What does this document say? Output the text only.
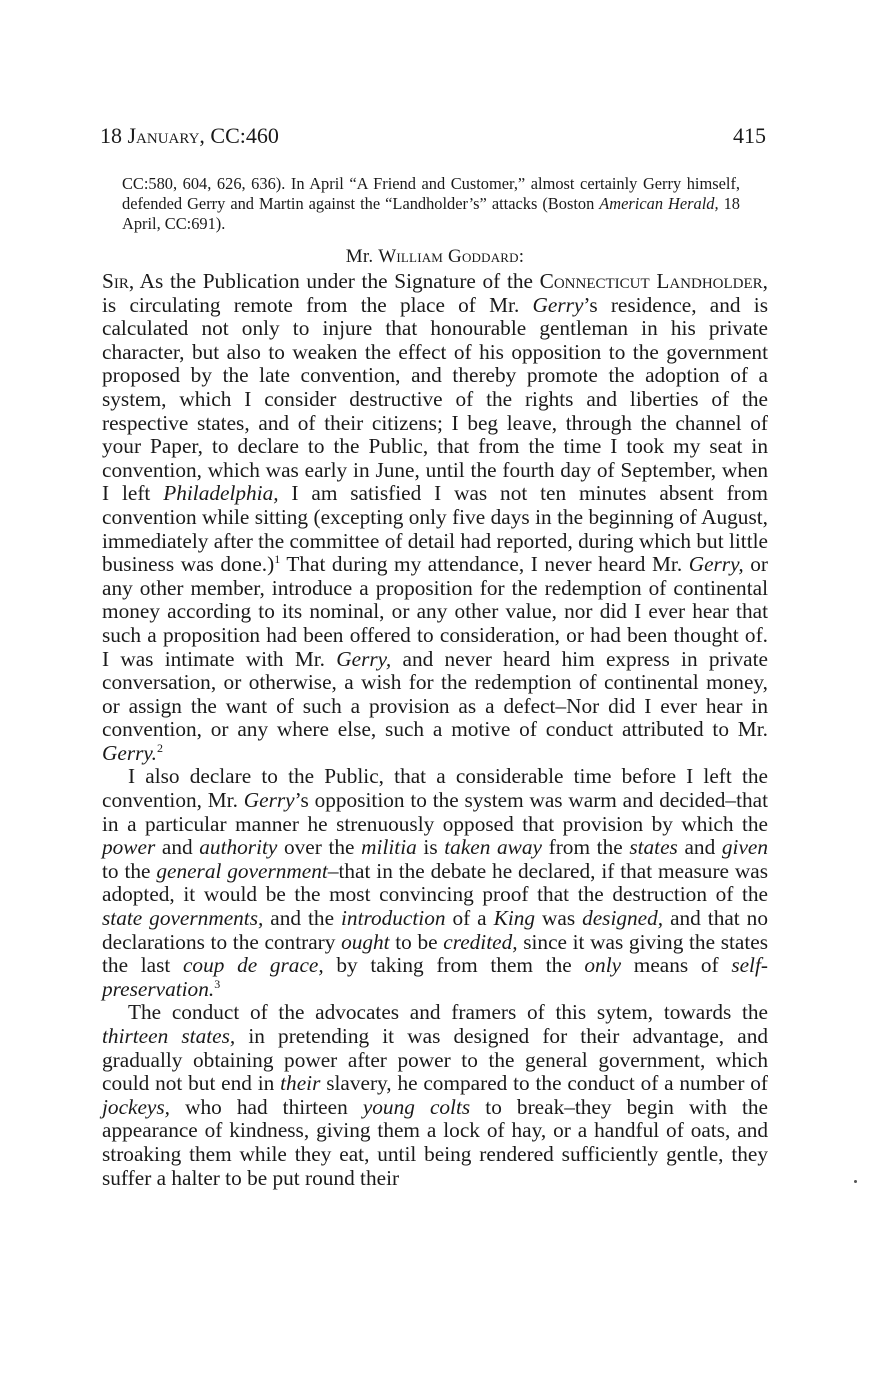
18 January, CC:460	415
CC:580, 604, 626, 636). In April “A Friend and Customer,” almost certainly Gerry himself, defended Gerry and Martin against the “Landholder’s” attacks (Boston American Herald, 18 April, CC:691).
Mr. William Goddard:

Sir, As the Publication under the Signature of the Connecticut Landholder, is circulating remote from the place of Mr. Gerry’s residence, and is calculated not only to injure that honourable gentleman in his private character, but also to weaken the effect of his opposition to the government proposed by the late convention, and thereby promote the adoption of a system, which I consider destructive of the rights and liberties of the respective states, and of their citizens; I beg leave, through the channel of your Paper, to declare to the Public, that from the time I took my seat in convention, which was early in June, until the fourth day of September, when I left Philadelphia, I am satisfied I was not ten minutes absent from convention while sitting (excepting only five days in the beginning of August, immediately after the committee of detail had reported, during which but little business was done.)$^1$ That during my attendance, I never heard Mr. Gerry, or any other member, introduce a proposition for the redemption of continental money according to its nominal, or any other value, nor did I ever hear that such a proposition had been offered to consideration, or had been thought of. I was intimate with Mr. Gerry, and never heard him express in private conversation, or otherwise, a wish for the redemption of continental money, or assign the want of such a provision as a defect–Nor did I ever hear in convention, or any where else, such a motive of conduct attributed to Mr. Gerry.$^2$

I also declare to the Public, that a considerable time before I left the convention, Mr. Gerry’s opposition to the system was warm and decided–that in a particular manner he strenuously opposed that provision by which the power and authority over the militia is taken away from the states and given to the general government–that in the debate he declared, if that measure was adopted, it would be the most convincing proof that the destruction of the state governments, and the introduction of a King was designed, and that no declarations to the contrary ought to be credited, since it was giving the states the last coup de grace, by taking from them the only means of self-preservation.$^3$

The conduct of the advocates and framers of this sytem, towards the thirteen states, in pretending it was designed for their advantage, and gradually obtaining power after power to the general government, which could not but end in their slavery, he compared to the conduct of a number of jockeys, who had thirteen young colts to break–they begin with the appearance of kindness, giving them a lock of hay, or a handful of oats, and stroaking them while they eat, until being rendered sufficiently gentle, they suffer a halter to be put round their
